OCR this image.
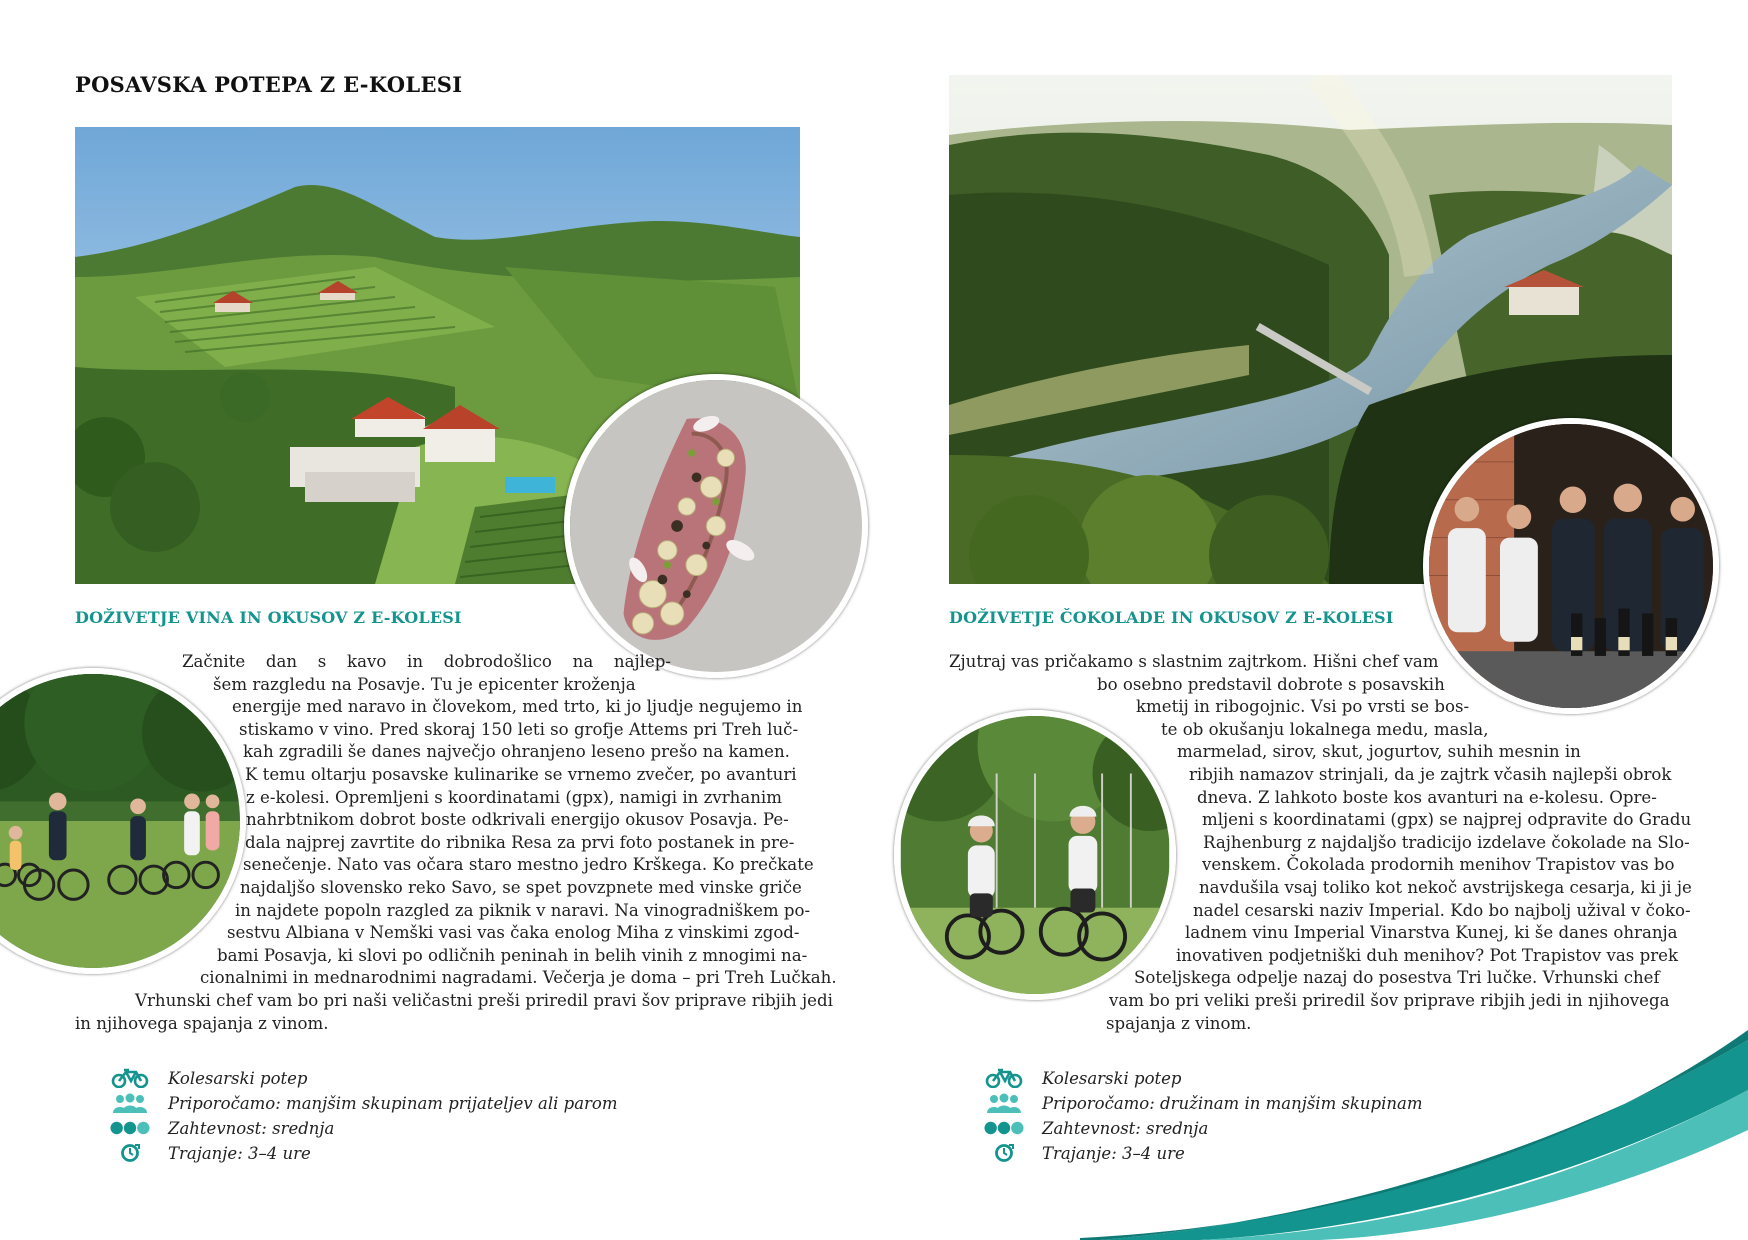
POSAVSKA POTEPA Z E-KOLESI
DOŽIVETJE VINA IN OKUSOV Z E-KOLESI
Začnite dan s kavo in dobrodošlico na najlep-
šem razgledu na Posavje. Tu je epicenter kroženja
energije med naravo in človekom, med trto, ki jo ljudje negujemo in
stiskamo v vino. Pred skoraj 150 leti so grofje Attems pri Treh luč-
kah zgradili še danes največjo ohranjeno leseno prešo na kamen.
K temu oltarju posavske kulinarike se vrnemo zvečer, po avanturi
z e-kolesi. Opremljeni s koordinatami (gpx), namigi in zvrhanim
nahrbtnikom dobrot boste odkrivali energijo okusov Posavja. Pe-
dala najprej zavrtite do ribnika Resa za prvi foto postanek in pre-
senečenje. Nato vas očara staro mestno jedro Krškega. Ko prečkate
najdaljšo slovensko reko Savo, se spet povzpnete med vinske griče
in najdete popoln razgled za piknik v naravi. Na vinogradniškem po-
sestvu Albiana v Nemški vasi vas čaka enolog Miha z vinskimi zgod-
bami Posavja, ki slovi po odličnih peninah in belih vinih z mnogimi na-
cionalnimi in mednarodnimi nagradami. Večerja je doma – pri Treh Lučkah.
Vrhunski chef vam bo pri naši veličastni preši priredil pravi šov priprave ribjih jedi
in njihovega spajanja z vinom.
Kolesarski potep
Priporočamo: manjšim skupinam prijateljev ali parom
Zahtevnost: srednja
Trajanje: 3–4 ure
DOŽIVETJE ČOKOLADE IN OKUSOV Z E-KOLESI
Zjutraj vas pričakamo s slastnim zajtrkom. Hišni chef vam
bo osebno predstavil dobrote s posavskih
kmetij in ribogojnic. Vsi po vrsti se bos-
te ob okušanju lokalnega medu, masla,
marmelad, sirov, skut, jogurtov, suhih mesnin in
ribjih namazov strinjali, da je zajtrk včasih najlepši obrok
dneva. Z lahkoto boste kos avanturi na e-kolesu. Opre-
mljeni s koordinatami (gpx) se najprej odpravite do Gradu
Rajhenburg z najdaljšo tradicijo izdelave čokolade na Slo-
venskem. Čokolada prodornih menihov Trapistov vas bo
navdušila vsaj toliko kot nekoč avstrijskega cesarja, ki ji je
nadel cesarski naziv Imperial. Kdo bo najbolj užival v čoko-
ladnem vinu Imperial Vinarstva Kunej, ki še danes ohranja
inovativen podjetniški duh menihov? Pot Trapistov vas prek
Soteljskega odpelje nazaj do posestva Tri lučke. Vrhunski chef
vam bo pri veliki preši priredil šov priprave ribjih jedi in njihovega
spajanja z vinom.
Kolesarski potep
Priporočamo: družinam in manjšim skupinam
Zahtevnost: srednja
Trajanje: 3–4 ure
